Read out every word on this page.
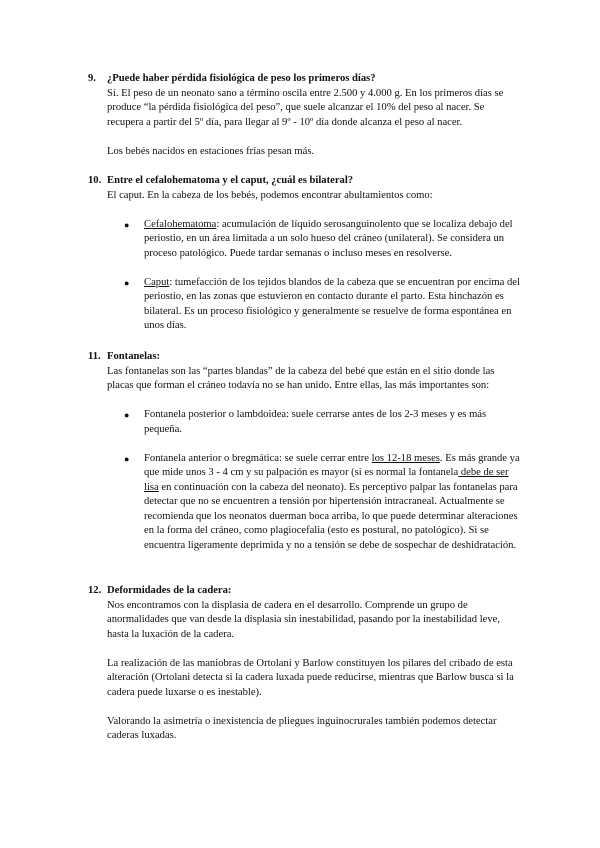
9.	¿Puede haber pérdida fisiológica de peso los primeros días?

Sí. El peso de un neonato sano a término oscila entre 2.500 y 4.000 g. En los primeros días se produce “la pérdida fisiológica del peso”, que suele alcanzar el 10% del peso al nacer. Se recupera a partir del 5º día, para llegar al 9º - 10º día donde alcanza el peso al nacer.

Los bebés nacidos en estaciones frías pesan más.

10. Entre el cefalohematoma y el caput, ¿cuál es bilateral?

El caput. En la cabeza de los bebés, podemos encontrar abultamientos como:

● Cefalohematoma: acumulación de líquido serosanguinolento que se localiza debajo del periostio, en un área limitada a un solo hueso del cráneo (unilateral). Se considera un proceso patológico. Puede tardar semanas o incluso meses en resolverse.
● Caput: tumefacción de los tejidos blandos de la cabeza que se encuentran por encima del periostio, en las zonas que estuvieron en contacto durante el parto. Esta hinchazón es bilateral. Es un proceso fisiológico y generalmente se resuelve de forma espontánea en unos días.
11. Fontanelas:

Las fontanelas son las “partes blandas” de la cabeza del bebé que están en el sitio donde las placas que forman el cráneo todavía no se han unido. Entre ellas, las más importantes son:

● Fontanela posterior o lambdoidea: suele cerrarse antes de los 2-3 meses y es más pequeña.
● Fontanela anterior o bregmática: se suele cerrar entre los 12-18 meses. Es más grande ya que mide unos 3 - 4 cm y su palpación es mayor (si es normal la fontanela debe de ser lisa en continuación con la cabeza del neonato). Es perceptivo palpar las fontanelas para detectar que no se encuentren a tensión por hipertensión intracraneal. Actualmente se recomienda que los neonatos duerman boca arriba, lo que puede determinar alteraciones en la forma del cráneo, como plagiocefalia (esto es postural, no patológico). Si se encuentra ligeramente deprimida y no a tensión se debe de sospechar de deshidratación.
12. Deformidades de la cadera:

Nos encontramos con la displasia de cadera en el desarrollo. Comprende un grupo de anormalidades que van desde la displasia sin inestabilidad, pasando por la inestabilidad leve, hasta la luxación de la cadera.

La realización de las maniobras de Ortolani y Barlow constituyen los pilares del cribado de esta alteración (Ortolani detecta si la cadera luxada puede reducirse, mientras que Barlow busca si la cadera puede luxarse o es inestable).

Valorando la asimetría o inexistencia de pliegues inguinocrurales también podemos detectar caderas luxadas.
